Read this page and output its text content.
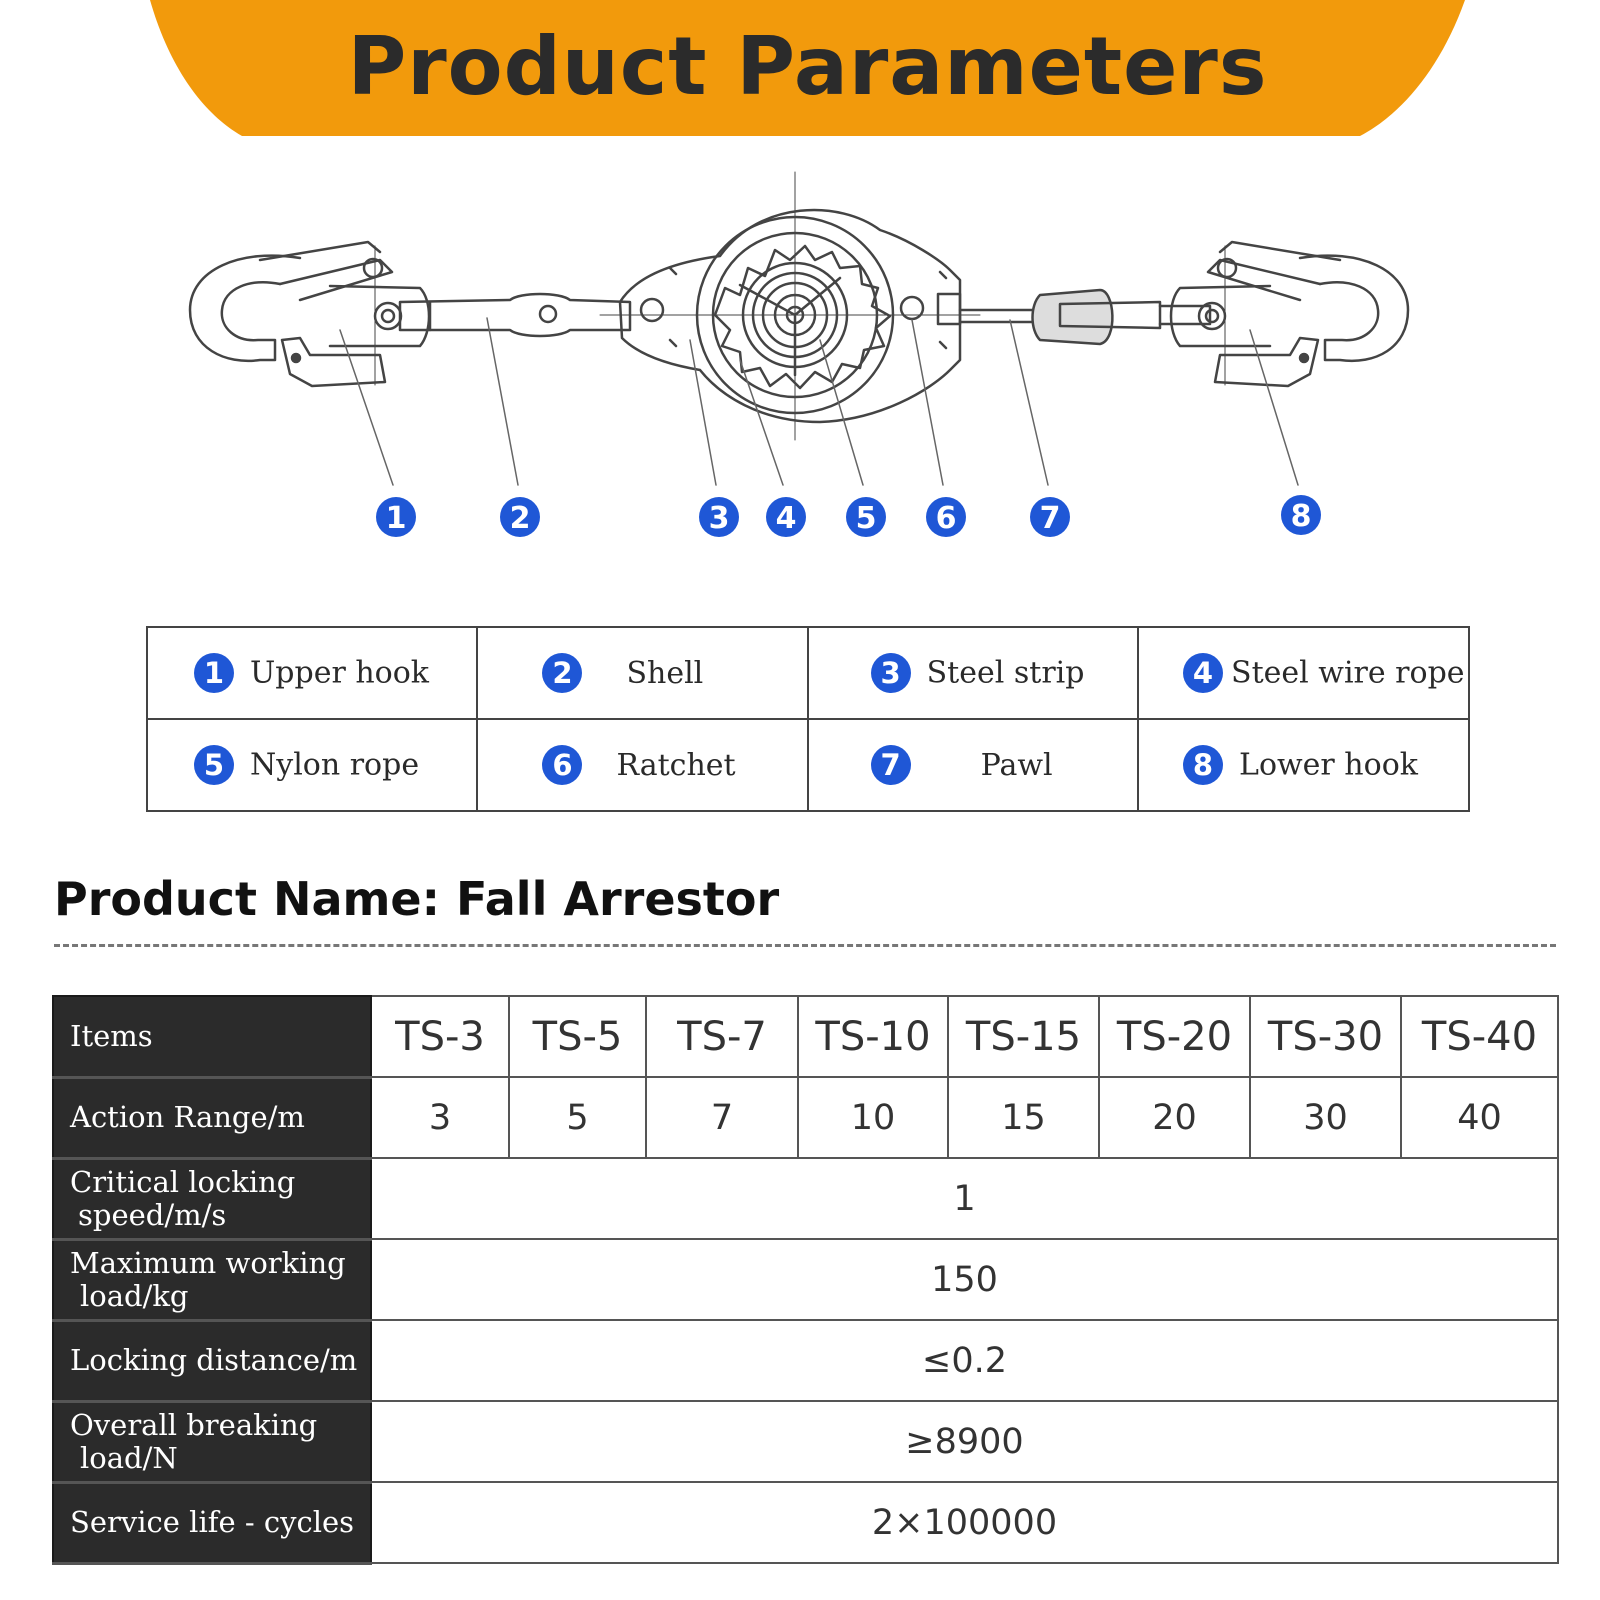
Product Parameters
1	2	3 4 5 6	7	8
1 Upper hook	2 Shell	3 Steel strip	4 Steel wire rope
5 Nylon rope	6 Ratchet	7 Pawl	8 Lower hook
Product Name: Fall Arrestor
Items	TS-3	TS-5	TS-7	TS-10	TS-15	TS-20	TS-30	TS-40
Action Range/m	3	5	7	10	15	20	30	40

Critical locking
speed/m/s	1							

Maximum working
load/kg	150							
Locking distance/m	≤0.2							

Overall breaking
load/N	≥8900							
Service life - cycles	2×100000							
